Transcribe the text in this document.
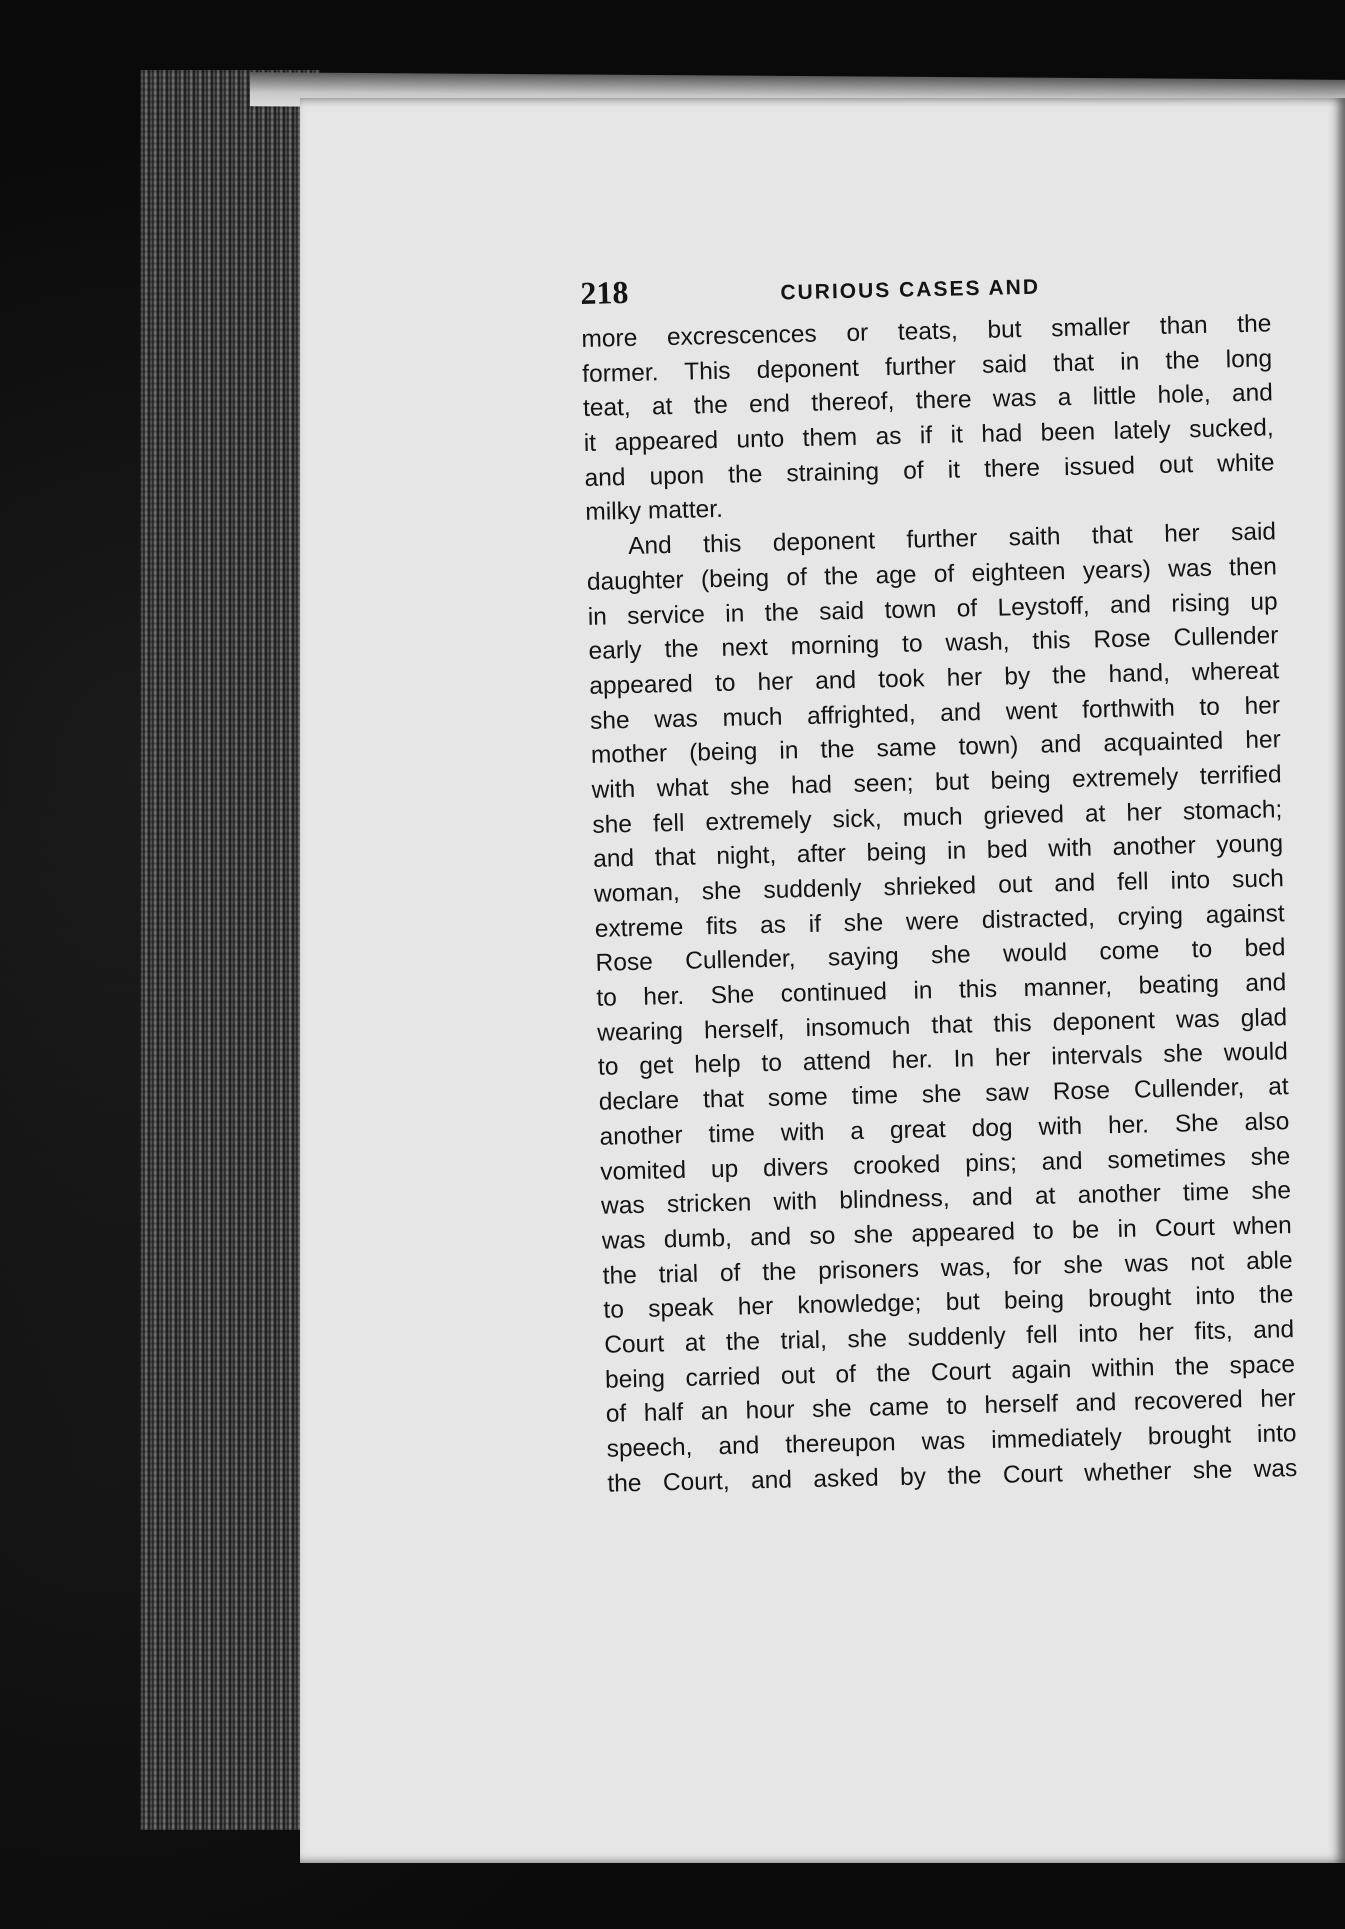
218	CURIOUS CASES AND
more excrescences or teats, but smaller than the
former. This deponent further said that in the long
teat, at the end thereof, there was a little hole, and
it appeared unto them as if it had been lately sucked,
and upon the straining of it there issued out white
milky matter.
And this deponent further saith that her said
daughter (being of the age of eighteen years) was then
in service in the said town of Leystoff, and rising up
early the next morning to wash, this Rose Cullender
appeared to her and took her by the hand, whereat
she was much affrighted, and went forthwith to her
mother (being in the same town) and acquainted her
with what she had seen; but being extremely terrified
she fell extremely sick, much grieved at her stomach;
and that night, after being in bed with another young
woman, she suddenly shrieked out and fell into such
extreme fits as if she were distracted, crying against
Rose Cullender, saying she would come to bed
to her. She continued in this manner, beating and
wearing herself, insomuch that this deponent was glad
to get help to attend her. In her intervals she would
declare that some time she saw Rose Cullender, at
another time with a great dog with her. She also
vomited up divers crooked pins; and sometimes she
was stricken with blindness, and at another time she
was dumb, and so she appeared to be in Court when
the trial of the prisoners was, for she was not able
to speak her knowledge; but being brought into the
Court at the trial, she suddenly fell into her fits, and
being carried out of the Court again within the space
of half an hour she came to herself and recovered her
speech, and thereupon was immediately brought into
the Court, and asked by the Court whether she was
